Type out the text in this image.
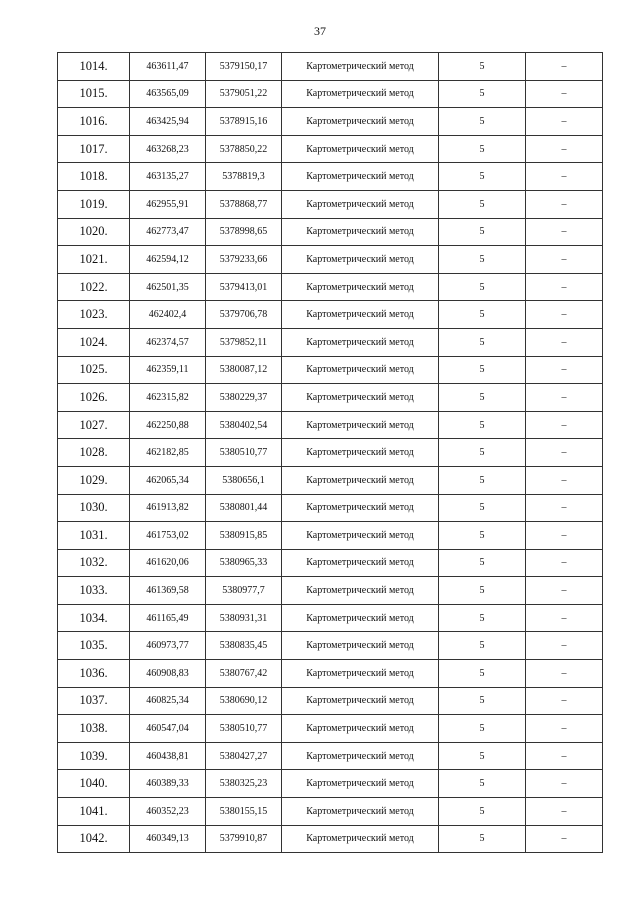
37
1014.	463611,47	5379150,17	Картометрический метод	5	–
1015.	463565,09	5379051,22	Картометрический метод	5	–
1016.	463425,94	5378915,16	Картометрический метод	5	–
1017.	463268,23	5378850,22	Картометрический метод	5	–
1018.	463135,27	5378819,3	Картометрический метод	5	–
1019.	462955,91	5378868,77	Картометрический метод	5	–
1020.	462773,47	5378998,65	Картометрический метод	5	–
1021.	462594,12	5379233,66	Картометрический метод	5	–
1022.	462501,35	5379413,01	Картометрический метод	5	–
1023.	462402,4	5379706,78	Картометрический метод	5	–
1024.	462374,57	5379852,11	Картометрический метод	5	–
1025.	462359,11	5380087,12	Картометрический метод	5	–
1026.	462315,82	5380229,37	Картометрический метод	5	–
1027.	462250,88	5380402,54	Картометрический метод	5	–
1028.	462182,85	5380510,77	Картометрический метод	5	–
1029.	462065,34	5380656,1	Картометрический метод	5	–
1030.	461913,82	5380801,44	Картометрический метод	5	–
1031.	461753,02	5380915,85	Картометрический метод	5	–
1032.	461620,06	5380965,33	Картометрический метод	5	–
1033.	461369,58	5380977,7	Картометрический метод	5	–
1034.	461165,49	5380931,31	Картометрический метод	5	–
1035.	460973,77	5380835,45	Картометрический метод	5	–
1036.	460908,83	5380767,42	Картометрический метод	5	–
1037.	460825,34	5380690,12	Картометрический метод	5	–
1038.	460547,04	5380510,77	Картометрический метод	5	–
1039.	460438,81	5380427,27	Картометрический метод	5	–
1040.	460389,33	5380325,23	Картометрический метод	5	–
1041.	460352,23	5380155,15	Картометрический метод	5	–
1042.	460349,13	5379910,87	Картометрический метод	5	–
